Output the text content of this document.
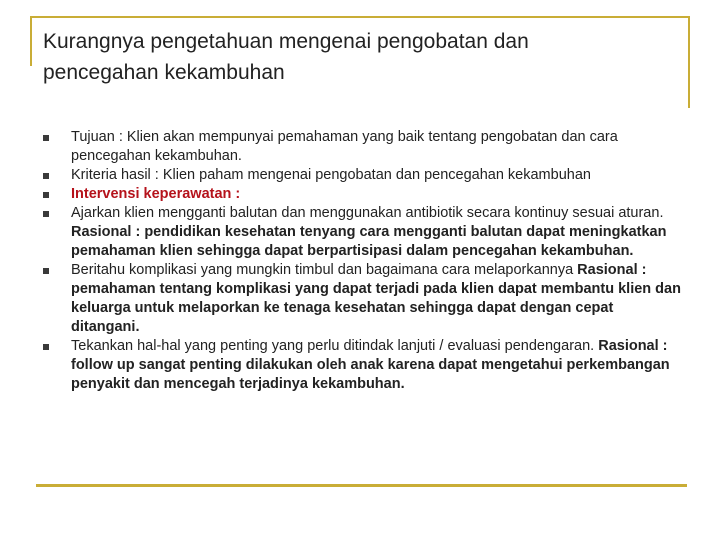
Kurangnya pengetahuan mengenai pengobatan dan pencegahan kekambuhan
Tujuan : Klien akan mempunyai pemahaman yang baik tentang pengobatan dan cara pencegahan kekambuhan.
Kriteria hasil : Klien paham mengenai pengobatan dan pencegahan kekambuhan
Intervensi keperawatan :
Ajarkan klien mengganti balutan dan menggunakan antibiotik secara kontinuy sesuai aturan. Rasional : pendidikan kesehatan tenyang cara mengganti balutan dapat meningkatkan pemahaman klien sehingga dapat berpartisipasi dalam pencegahan kekambuhan.
Beritahu komplikasi yang mungkin timbul dan bagaimana cara melaporkannya Rasional : pemahaman tentang komplikasi yang dapat terjadi pada klien dapat membantu klien dan keluarga untuk melaporkan ke tenaga kesehatan sehingga dapat dengan cepat ditangani.
Tekankan hal-hal yang penting yang perlu ditindak lanjuti / evaluasi pendengaran. Rasional : follow up sangat penting dilakukan oleh anak karena dapat mengetahui perkembangan penyakit dan mencegah terjadinya kekambuhan.
